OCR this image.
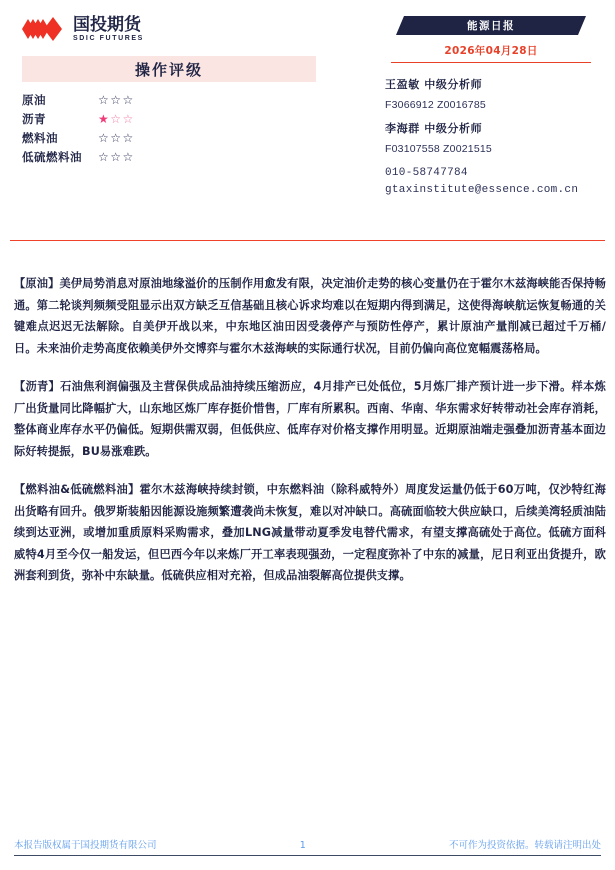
国投期货
SDIC FUTURES
操作评级
原油	☆☆☆
沥青	★☆☆
燃料油	☆☆☆
低硫燃料油	☆☆☆
能源日报
2026年04月28日
王盈敏 中级分析师
F3066912 Z0016785
李海群 中级分析师
F03107558 Z0021515
010-58747784
gtaxinstitute@essence.com.cn

【原油】美伊局势消息对原油地缘溢价的压制作用愈发有限，决定油价走势的核心变量仍在于霍尔木兹海峡能否保持畅通。第二轮谈判频频受阻显示出双方缺乏互信基础且核心诉求均难以在短期内得到满足，这使得海峡航运恢复畅通的关键难点迟迟无法解除。自美伊开战以来，中东地区油田因受袭停产与预防性停产，累计原油产量削减已超过千万桶/日。未来油价走势高度依赖美伊外交博弈与霍尔木兹海峡的实际通行状况，目前仍偏向高位宽幅震荡格局。

【沥青】石油焦利润偏强及主营保供成品油持续压缩沥应，4月排产已处低位，5月炼厂排产预计进一步下滑。样本炼厂出货量同比降幅扩大，山东地区炼厂库存挺价惜售，厂库有所累积。西南、华南、华东需求好转带动社会库存消耗，整体商业库存水平仍偏低。短期供需双弱，但低供应、低库存对价格支撑作用明显。近期原油端走强叠加沥青基本面边际好转提振，BU易涨难跌。

【燃料油&低硫燃料油】霍尔木兹海峡持续封锁，中东燃料油（除科威特外）周度发运量仍低于60万吨，仅沙特红海出货略有回升。俄罗斯装船因能源设施频繁遭袭尚未恢复，难以对冲缺口。高硫面临较大供应缺口，后续美湾轻质油陆续到达亚洲，或增加重质原料采购需求，叠加LNG减量带动夏季发电替代需求，有望支撑高硫处于高位。低硫方面科威特4月至今仅一船发运，但巴西今年以来炼厂开工率表现强劲，一定程度弥补了中东的减量，尼日利亚出货提升，欧洲套利到货，弥补中东缺量。低硫供应相对充裕，但成品油裂解高位提供支撑。

本报告版权属于国投期货有限公司	1	不可作为投资依据。转载请注明出处
